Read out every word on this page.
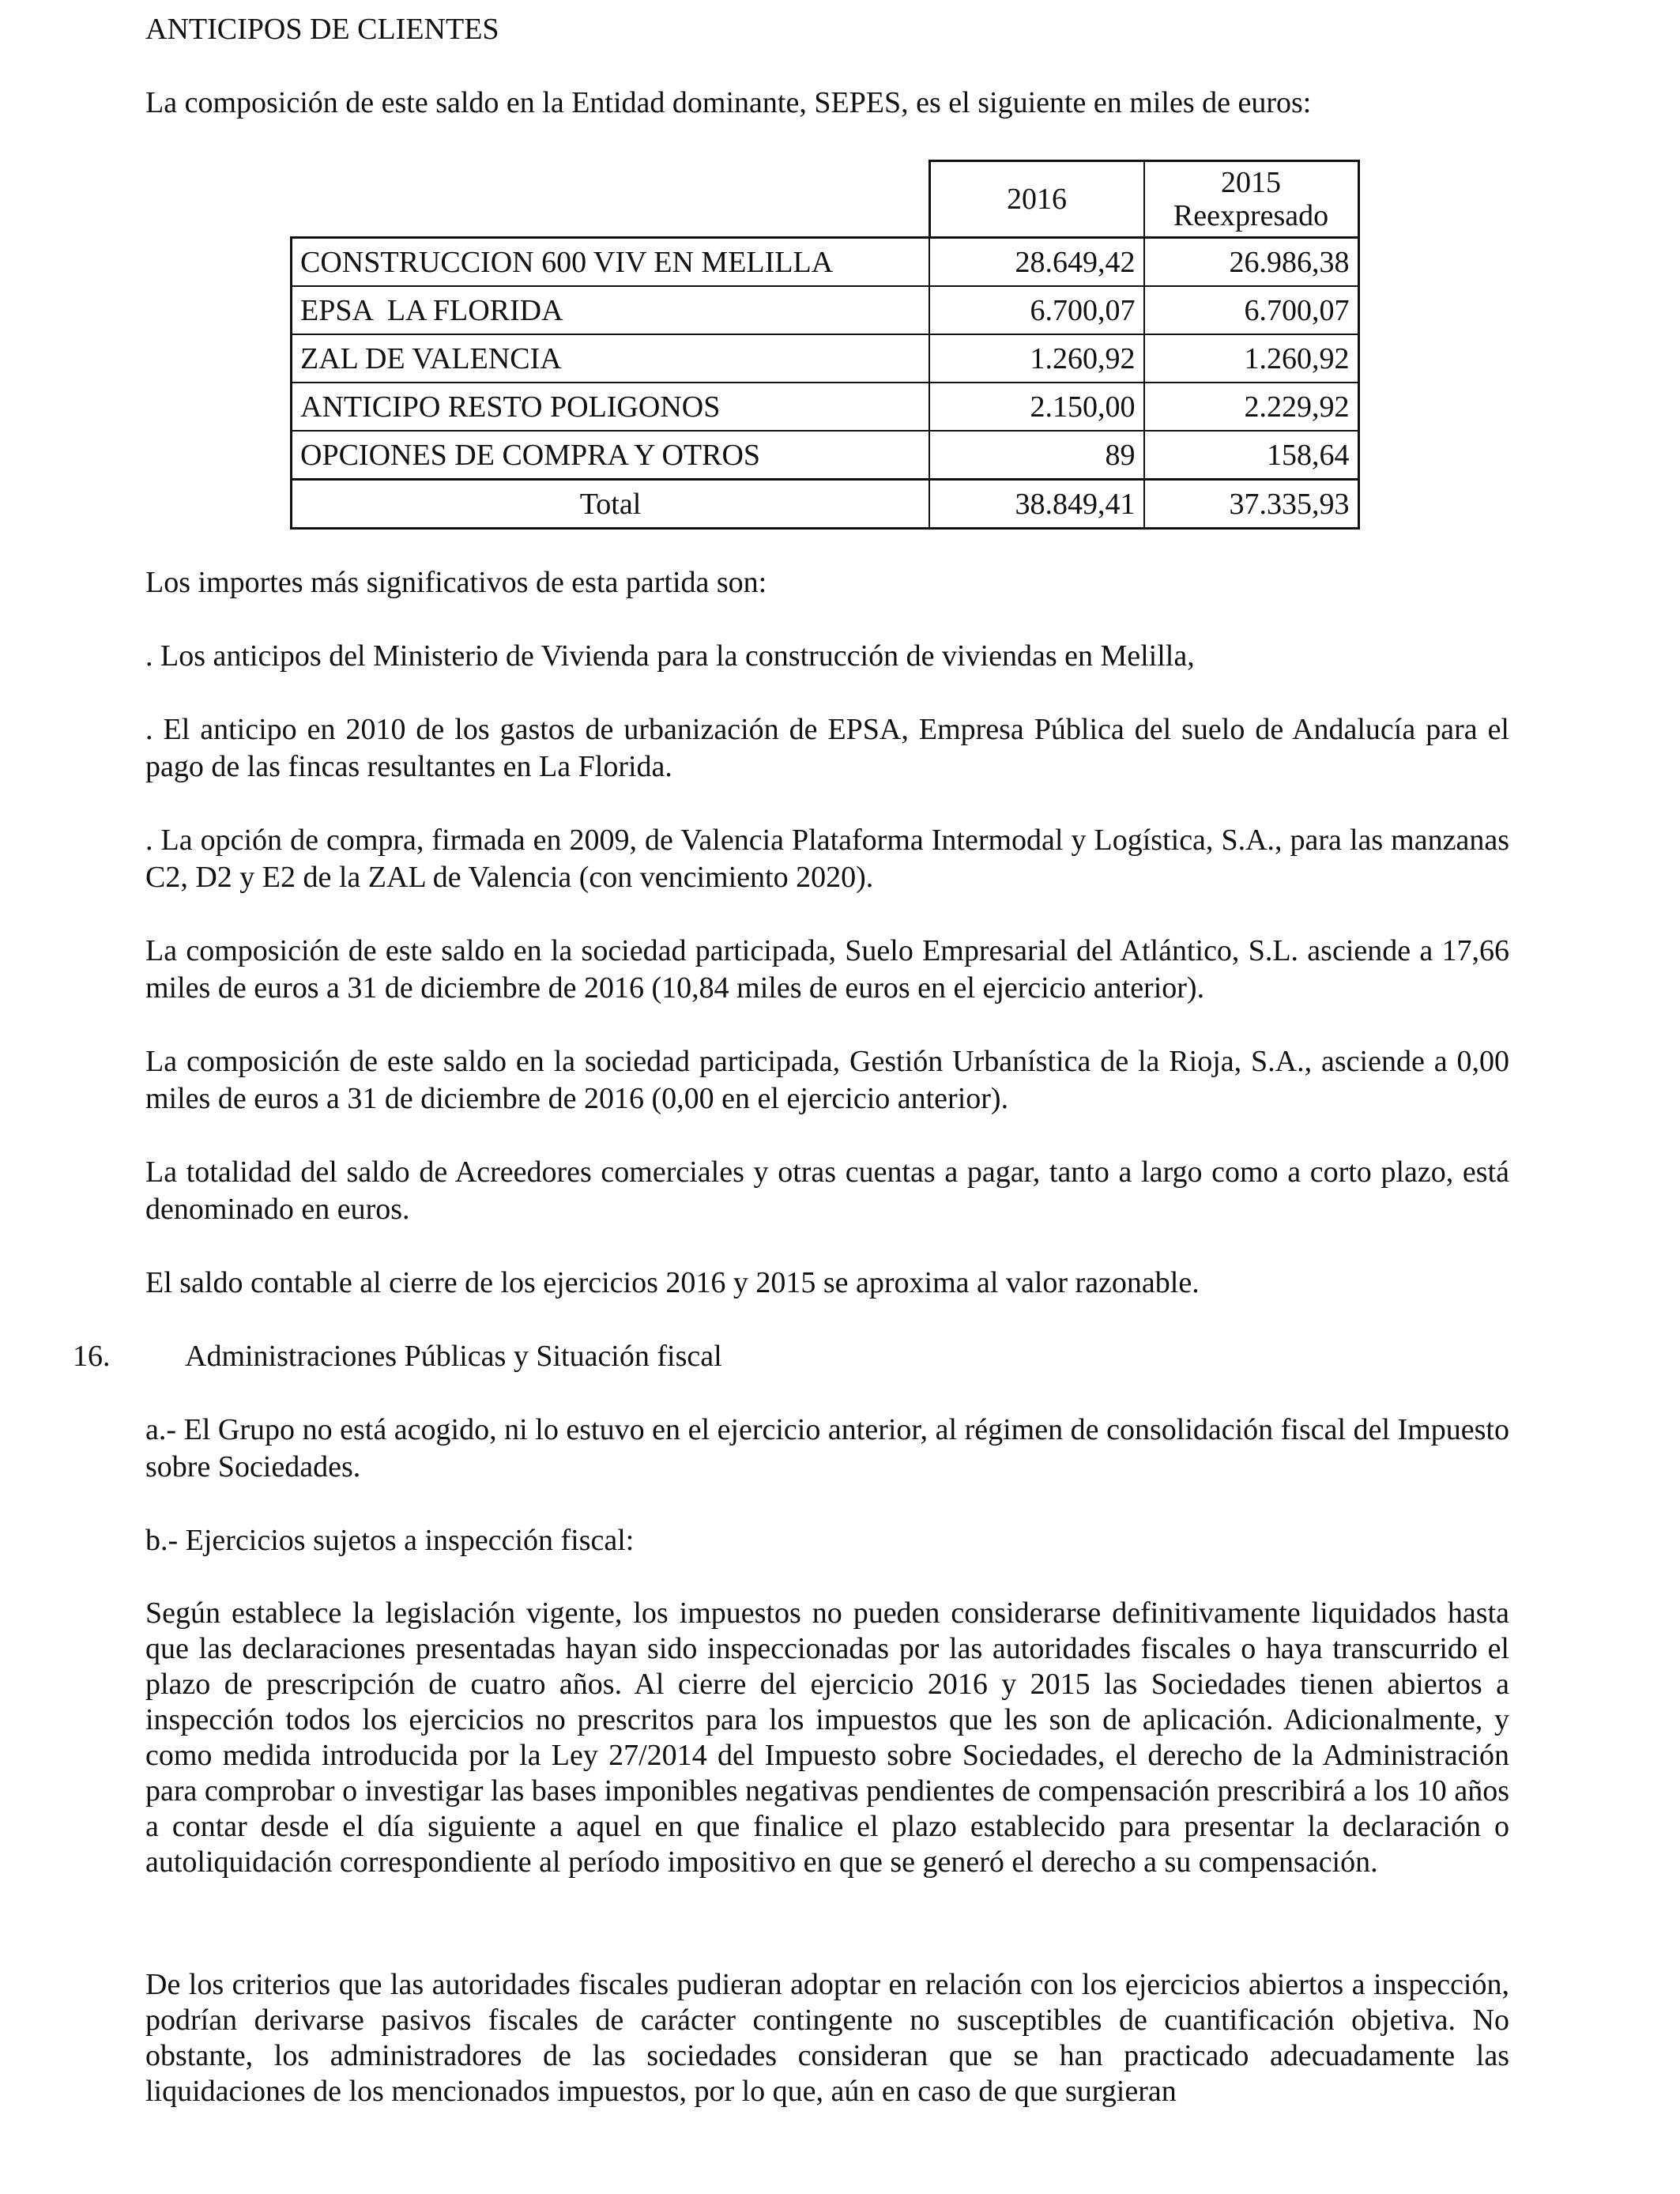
ANTICIPOS DE CLIENTES

La composición de este saldo en la Entidad dominante, SEPES, es el siguiente en miles de euros:

	2016	2015
Reexpresado

CONSTRUCCION 600 VIV EN MELILLA	28.649,42	26.986,38
EPSA  LA FLORIDA	6.700,07	6.700,07
ZAL DE VALENCIA	1.260,92	1.260,92
ANTICIPO RESTO POLIGONOS	2.150,00	2.229,92
OPCIONES DE COMPRA Y OTROS	89	158,64
Total	38.849,41	37.335,93

Los importes más significativos de esta partida son:

. Los anticipos del Ministerio de Vivienda para la construcción de viviendas en Melilla,

. El anticipo en 2010 de los gastos de urbanización de EPSA, Empresa Pública del suelo de Andalucía para el pago de las fincas resultantes en La Florida.

. La opción de compra, firmada en 2009, de Valencia Plataforma Intermodal y Logística, S.A., para las manzanas C2, D2 y E2 de la ZAL de Valencia (con vencimiento 2020).

La composición de este saldo en la sociedad participada, Suelo Empresarial del Atlántico, S.L. asciende a 17,66 miles de euros a 31 de diciembre de 2016 (10,84 miles de euros en el ejercicio anterior).

La composición de este saldo en la sociedad participada, Gestión Urbanística de la Rioja, S.A., asciende a 0,00 miles de euros a 31 de diciembre de 2016 (0,00 en el ejercicio anterior).

La totalidad del saldo de Acreedores comerciales y otras cuentas a pagar, tanto a largo como a corto plazo, está denominado en euros.

El saldo contable al cierre de los ejercicios 2016 y 2015 se aproxima al valor razonable.

16. Administraciones Públicas y Situación fiscal

a.- El Grupo no está acogido, ni lo estuvo en el ejercicio anterior, al régimen de consolidación fiscal del Impuesto sobre Sociedades.

b.- Ejercicios sujetos a inspección fiscal:

Según establece la legislación vigente, los impuestos no pueden considerarse definitivamente liquidados hasta que las declaraciones presentadas hayan sido inspeccionadas por las autoridades fiscales o haya transcurrido el plazo de prescripción de cuatro años. Al cierre del ejercicio 2016 y 2015 las Sociedades tienen abiertos a inspección todos los ejercicios no prescritos para los impuestos que les son de aplicación. Adicionalmente, y como medida introducida por la Ley 27/2014 del Impuesto sobre Sociedades, el derecho de la Administración para comprobar o investigar las bases imponibles negativas pendientes de compensación prescribirá a los 10 años a contar desde el día siguiente a aquel en que finalice el plazo establecido para presentar la declaración o autoliquidación correspondiente al período impositivo en que se generó el derecho a su compensación.

De los criterios que las autoridades fiscales pudieran adoptar en relación con los ejercicios abiertos a inspección, podrían derivarse pasivos fiscales de carácter contingente no susceptibles de cuantificación objetiva. No obstante, los administradores de las sociedades consideran que se han practicado adecuadamente las liquidaciones de los mencionados impuestos, por lo que, aún en caso de que surgieran
